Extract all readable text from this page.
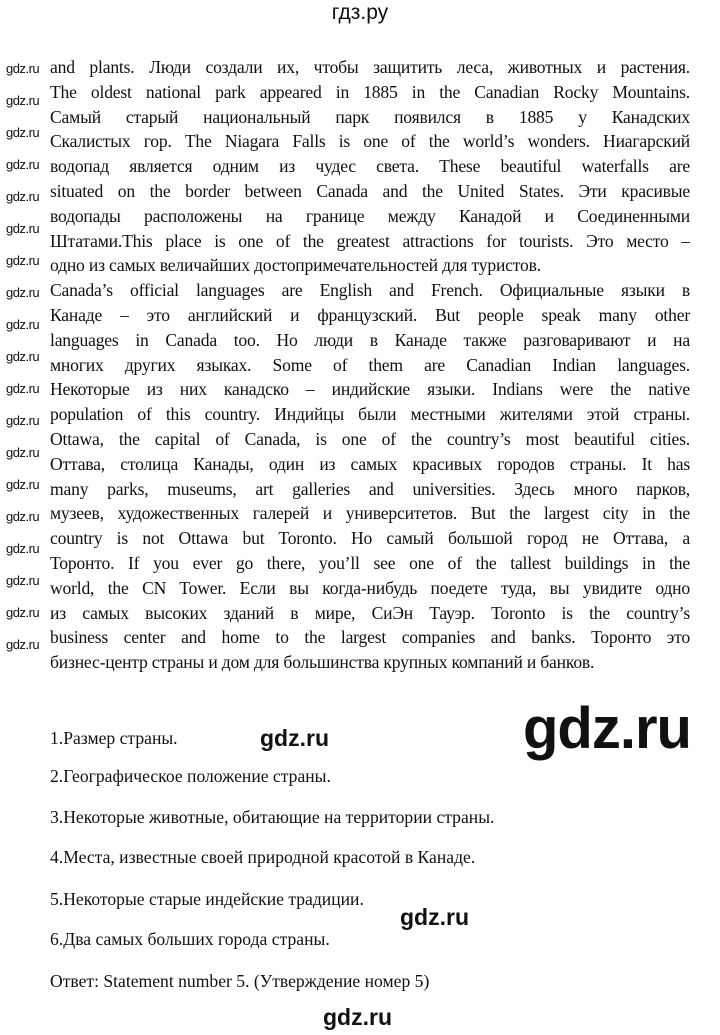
гдз.ру
and plants. Люди создали их, чтобы защитить леса, животных и растения.
The oldest national park appeared in 1885 in the Canadian Rocky Mountains.
Самый старый национальный парк появился в 1885 у Канадских
Скалистых гор. The Niagara Falls is one of the world’s wonders. Ниагарский
водопад является одним из чудес света. These beautiful waterfalls are
situated on the border between Canada and the United States. Эти красивые
водопады расположены на границе между Канадой и Соединенными
Штатами.This place is one of the greatest attractions for tourists. Это место –
одно из самых величайших достопримечательностей для туристов.
Canada’s official languages are English and French. Официальные языки в
Канаде – это английский и французский. But people speak many other
languages in Canada too. Но люди в Канаде также разговаривают и на
многих других языках. Some of them are Canadian Indian languages.
Некоторые из них канадско – индийские языки. Indians were the native
population of this country. Индийцы были местными жителями этой страны.
Ottawa, the capital of Canada, is one of the country’s most beautiful cities.
Оттава, столица Канады, один из самых красивых городов страны. It has
many parks, museums, art galleries and universities. Здесь много парков,
музеев, художественных галерей и университетов. But the largest city in the
country is not Ottawa but Toronto. Но самый большой город не Оттава, а
Торонто. If you ever go there, you’ll see one of the tallest buildings in the
world, the CN Tower. Если вы когда-нибудь поедете туда, вы увидите одно
из самых высоких зданий в мире, СиЭн Тауэр. Toronto is the country’s
business center and home to the largest companies and banks. Торонто это
бизнес-центр страны и дом для большинства крупных компаний и банков.
1.Размер страны.
2.Географическое положение страны.
3.Некоторые животные, обитающие на территории страны.
4.Места, известные своей природной красотой в Канаде.
5.Некоторые старые индейские традиции.
6.Два самых больших города страны.
Ответ: Statement number 5. (Утверждение номер 5)
gdz.ru
gdz.ru
gdz.ru
gdz.ru
gdz.ru
gdz.ru
gdz.ru
gdz.ru
gdz.ru
gdz.ru
gdz.ru
gdz.ru
gdz.ru
gdz.ru
gdz.ru
gdz.ru
gdz.ru
gdz.ru
gdz.ru
gdz.ru
gdz.ru
gdz.ru
gdz.ru
